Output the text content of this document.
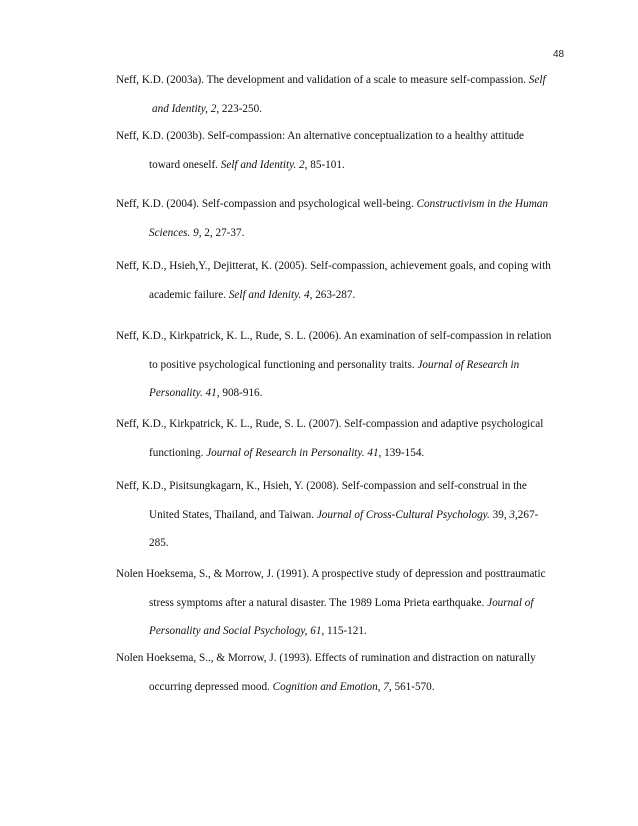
48
Neff, K.D. (2003a). The development and validation of a scale to measure self-compassion. Self
and Identity, 2, 223-250.
Neff, K.D. (2003b). Self-compassion: An alternative conceptualization to a healthy attitude
toward oneself. Self and Identity. 2, 85-101.
Neff, K.D. (2004). Self-compassion and psychological well-being. Constructivism in the Human
Sciences. 9, 2, 27-37.
Neff, K.D., Hsieh,Y., Dejitterat, K. (2005). Self-compassion, achievement goals, and coping with
academic failure. Self and Idenity. 4, 263-287.
Neff, K.D., Kirkpatrick, K. L., Rude, S. L. (2006). An examination of self-compassion in relation
to positive psychological functioning and personality traits. Journal of Research in
Personality. 41, 908-916.
Neff, K.D., Kirkpatrick, K. L., Rude, S. L. (2007). Self-compassion and adaptive psychological
functioning. Journal of Research in Personality. 41, 139-154.
Neff, K.D., Pisitsungkagarn, K., Hsieh, Y. (2008). Self-compassion and self-construal in the
United States, Thailand, and Taiwan. Journal of Cross-Cultural Psychology. 39, 3,267-
285.
Nolen Hoeksema, S., & Morrow, J. (1991). A prospective study of depression and posttraumatic
stress symptoms after a natural disaster. The 1989 Loma Prieta earthquake. Journal of
Personality and Social Psychology, 61, 115-121.
Nolen Hoeksema, S.., & Morrow, J. (1993). Effects of rumination and distraction on naturally
occurring depressed mood. Cognition and Emotion, 7, 561-570.
